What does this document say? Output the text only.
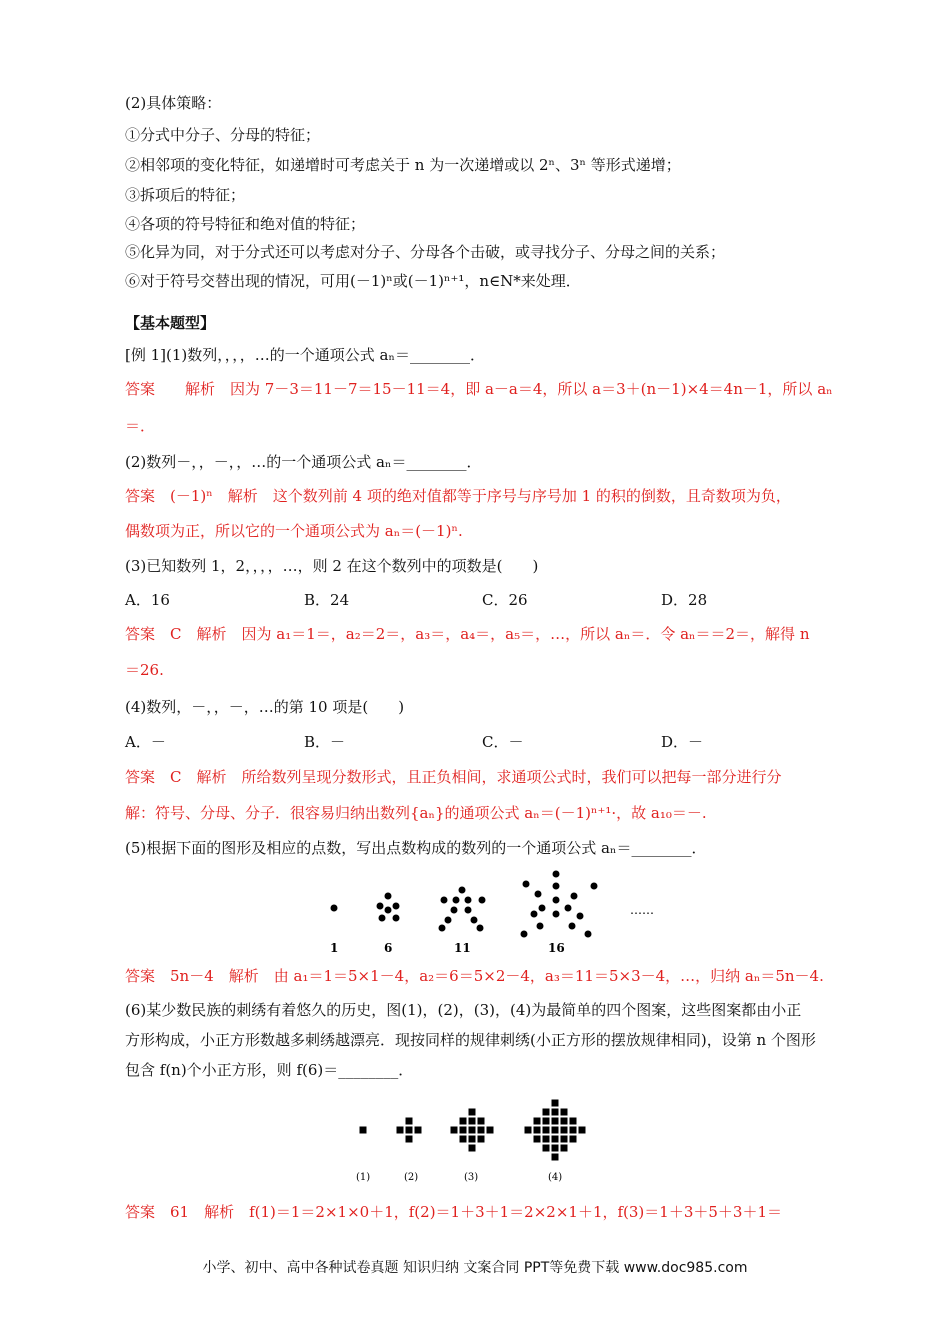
(2)具体策略：
①分式中分子、分母的特征；
②相邻项的变化特征，如递增时可考虑关于 n 为一次递增或以 2ⁿ、3ⁿ 等形式递增；
③拆项后的特征；
④各项的符号特征和绝对值的特征；
⑤化异为同，对于分式还可以考虑对分子、分母各个击破，或寻找分子、分母之间的关系；
⑥对于符号交替出现的情况，可用(－1)ⁿ或(－1)ⁿ⁺¹，n∈N*来处理．
【基本题型】
[例 1](1)数列，，，，…的一个通项公式 aₙ＝________．
答案　　解析　因为 7－3＝11－7＝15－11＝4，即 a－a＝4，所以 a＝3＋(n－1)×4＝4n－1，所以 aₙ
＝．
(2)数列－，，－，，…的一个通项公式 aₙ＝________．
答案　(－1)ⁿ　解析　这个数列前 4 项的绝对值都等于序号与序号加 1 的积的倒数，且奇数项为负，
偶数项为正，所以它的一个通项公式为 aₙ＝(－1)ⁿ.
(3)已知数列 1，2，，，，…，则 2 在这个数列中的项数是(　　)
A．16	B．24	C．26	D．28
答案　C　解析　因为 a₁＝1＝，a₂＝2＝，a₃＝，a₄＝，a₅＝，…，所以 aₙ＝．令 aₙ＝＝2＝，解得 n
＝26.
(4)数列，－，，－，…的第 10 项是(　　)
A．－	B．－	C．－	D．－
答案　C　解析　所给数列呈现分数形式，且正负相间，求通项公式时，我们可以把每一部分进行分
解：符号、分母、分子．很容易归纳出数列{aₙ}的通项公式 aₙ＝(－1)ⁿ⁺¹·，故 a₁₀＝－.
(5)根据下面的图形及相应的点数，写出点数构成的数列的一个通项公式 aₙ＝________．
……
1	6	11	16
答案　5n－4　解析　由 a₁＝1＝5×1－4，a₂＝6＝5×2－4，a₃＝11＝5×3－4，…，归纳 aₙ＝5n－4.
(6)某少数民族的刺绣有着悠久的历史，图(1)，(2)，(3)，(4)为最简单的四个图案，这些图案都由小正
方形构成，小正方形数越多刺绣越漂亮．现按同样的规律刺绣(小正方形的摆放规律相同)，设第 n 个图形
包含 f(n)个小正方形，则 f(6)＝________．
(1)	(2)	(3)	(4)
答案　61　解析　f(1)＝1＝2×1×0＋1，f(2)＝1＋3＋1＝2×2×1＋1，f(3)＝1＋3＋5＋3＋1＝
小学、初中、高中各种试卷真题 知识归纳 文案合同 PPT等免费下载 www.doc985.com
